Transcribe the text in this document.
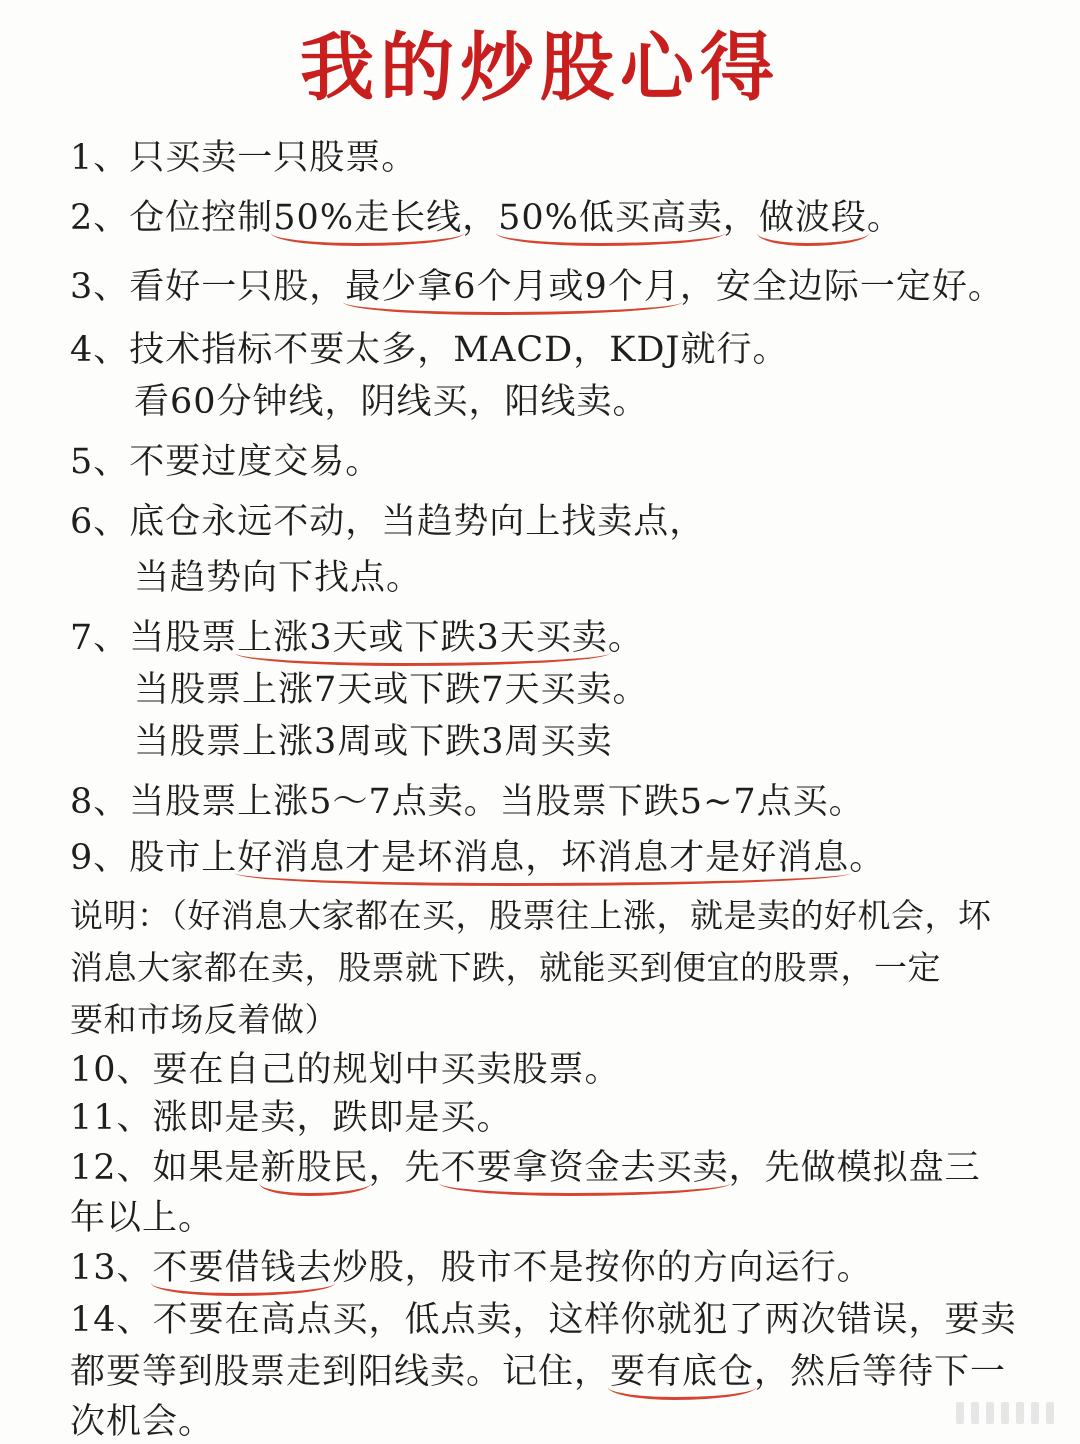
我的炒股心得
1、只买卖一只股票。
2、仓位控制50%走长线，50%低买高卖，做波段。
3、看好一只股，最少拿6个月或9个月，安全边际一定好。
4、技术指标不要太多，MACD，KDJ就行。
看60分钟线，阴线买，阳线卖。
5、不要过度交易。
6、底仓永远不动，当趋势向上找卖点，
当趋势向下找点。
7、当股票上涨3天或下跌3天买卖。
当股票上涨7天或下跌7天买卖。
当股票上涨3周或下跌3周买卖
8、当股票上涨5～7点卖。当股票下跌5~7点买。
9、股市上好消息才是坏消息，坏消息才是好消息。
说明：（好消息大家都在买，股票往上涨，就是卖的好机会，坏
消息大家都在卖，股票就下跌，就能买到便宜的股票，一定
要和市场反着做）
10、要在自己的规划中买卖股票。
11、涨即是卖，跌即是买。
12、如果是新股民，先不要拿资金去买卖，先做模拟盘三
年以上。
13、不要借钱去炒股，股市不是按你的方向运行。
14、不要在高点买，低点卖，这样你就犯了两次错误，要卖
都要等到股票走到阳线卖。记住，要有底仓，然后等待下一
次机会。
